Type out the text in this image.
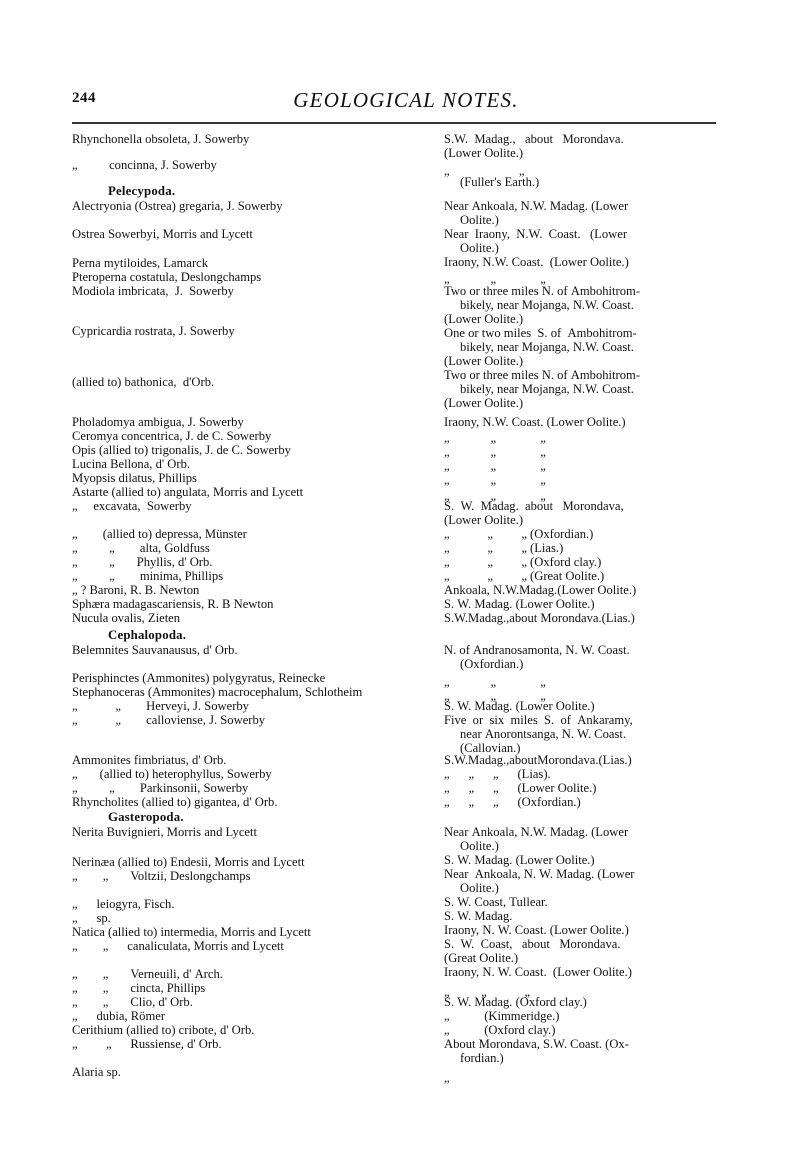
244	GEOLOGICAL NOTES.
Rhynchonella obsoleta, J. Sowerby
„          concinna, J. Sowerby
Pelecypoda.
Alectryonia (Ostrea) gregaria, J. Sowerby
Ostrea Sowerbyi, Morris and Lycett
Perna mytiloides, Lamarck
Pteroperna costatula, Deslongchamps
Modiola imbricata,  J.  Sowerby
Cypricardia rostrata, J. Sowerby
(allied to) bathonica,  d'Orb.
Pholadomya ambigua, J. Sowerby
Ceromya concentrica, J. de C. Sowerby
Opis (allied to) trigonalis, J. de C. Sowerby
Lucina Bellona, d' Orb.
Myopsis dilatus, Phillips
Astarte (allied to) angulata, Morris and Lycett
„     excavata,  Sowerby
„        (allied to) depressa, Münster
„          „        alta, Goldfuss
„          „       Phyllis, d' Orb.
„          „        minima, Phillips
„ ? Baroni, R. B. Newton
Sphæra madagascariensis, R. B Newton
Nucula ovalis, Zieten
Cephalopoda.
Belemnites Sauvanausus, d' Orb.
Perisphinctes (Ammonites) polygyratus, Reinecke
Stephanoceras (Ammonites) macrocephalum, Schlotheim
„            „        Herveyi, J. Sowerby
„            „        calloviense, J. Sowerby
Ammonites fimbriatus, d' Orb.
„       (allied to) heterophyllus, Sowerby
„          „        Parkinsonii, Sowerby
Rhyncholites (allied to) gigantea, d' Orb.
Gasteropoda.
Nerita Buvignieri, Morris and Lycett
Nerinæa (allied to) Endesii, Morris and Lycett
„        „       Voltzii, Deslongchamps
„      leiogyra, Fisch.
„      sp.
Natica (allied to) intermedia, Morris and Lycett
„        „      canaliculata, Morris and Lycett
„        „       Verneuili, d' Arch.
„        „       cincta, Phillips
„        „       Clio, d' Orb.
„      dubia, Römer
Cerithium (allied to) cribote, d' Orb.
„         „      Russiense, d' Orb.
Alaria sp.
S.W.  Madag.,   about   Morondava.
(Lower Oolite.)
„                      „
(Fuller's Earth.)
Near Ankoala, N.W. Madag. (Lower
Oolite.)
Near  Iraony,  N.W.  Coast.   (Lower
Oolite.)
Iraony, N.W. Coast.  (Lower Oolite.)
„             „              „
Two or three miles N. of Ambohitrom-
bikely, near Mojanga, N.W. Coast.
(Lower Oolite.)
One or two miles  S. of  Ambohitrom-
bikely, near Mojanga, N.W. Coast.
(Lower Oolite.)
Two or three miles N. of Ambohitrom-
bikely, near Mojanga, N.W. Coast.
(Lower Oolite.)
Iraony, N.W. Coast. (Lower Oolite.)
„             „              „
„             „              „
„             „              „
„             „              „
„             „              „
S.  W.  Madag.  about   Morondava,
(Lower Oolite.)
„            „         „ (Oxfordian.)
„            „         „ (Lias.)
„            „         „ (Oxford clay.)
„            „         „ (Great Oolite.)
Ankoala, N.W.Madag.(Lower Oolite.)
S. W. Madag. (Lower Oolite.)
S.W.Madag.,about Morondava.(Lias.)
N. of Andranosamonta, N. W. Coast.
(Oxfordian.)
„             „              „
„             „              „
S. W. Madag. (Lower Oolite.)
Five  or  six  miles  S.  of  Ankaramy,
near Anorontsanga, N. W. Coast.
(Callovian.)
S.W.Madag.,aboutMorondava.(Lias.)
„      „      „      (Lias).
„      „      „      (Lower Oolite.)
„      „      „      (Oxfordian.)
Near Ankoala, N.W. Madag. (Lower
Oolite.)
S. W. Madag. (Lower Oolite.)
Near  Ankoala, N. W. Madag. (Lower
Oolite.)
S. W. Coast, Tullear.
S. W. Madag.
Iraony, N. W. Coast. (Lower Oolite.)
S.  W.  Coast,   about   Morondava.
(Great Oolite.)
Iraony, N. W. Coast.  (Lower Oolite.)
„          „            „
S. W. Madag. (Oxford clay.)
„           (Kimmeridge.)
„           (Oxford clay.)
About Morondava, S.W. Coast. (Ox-
fordian.)
„
